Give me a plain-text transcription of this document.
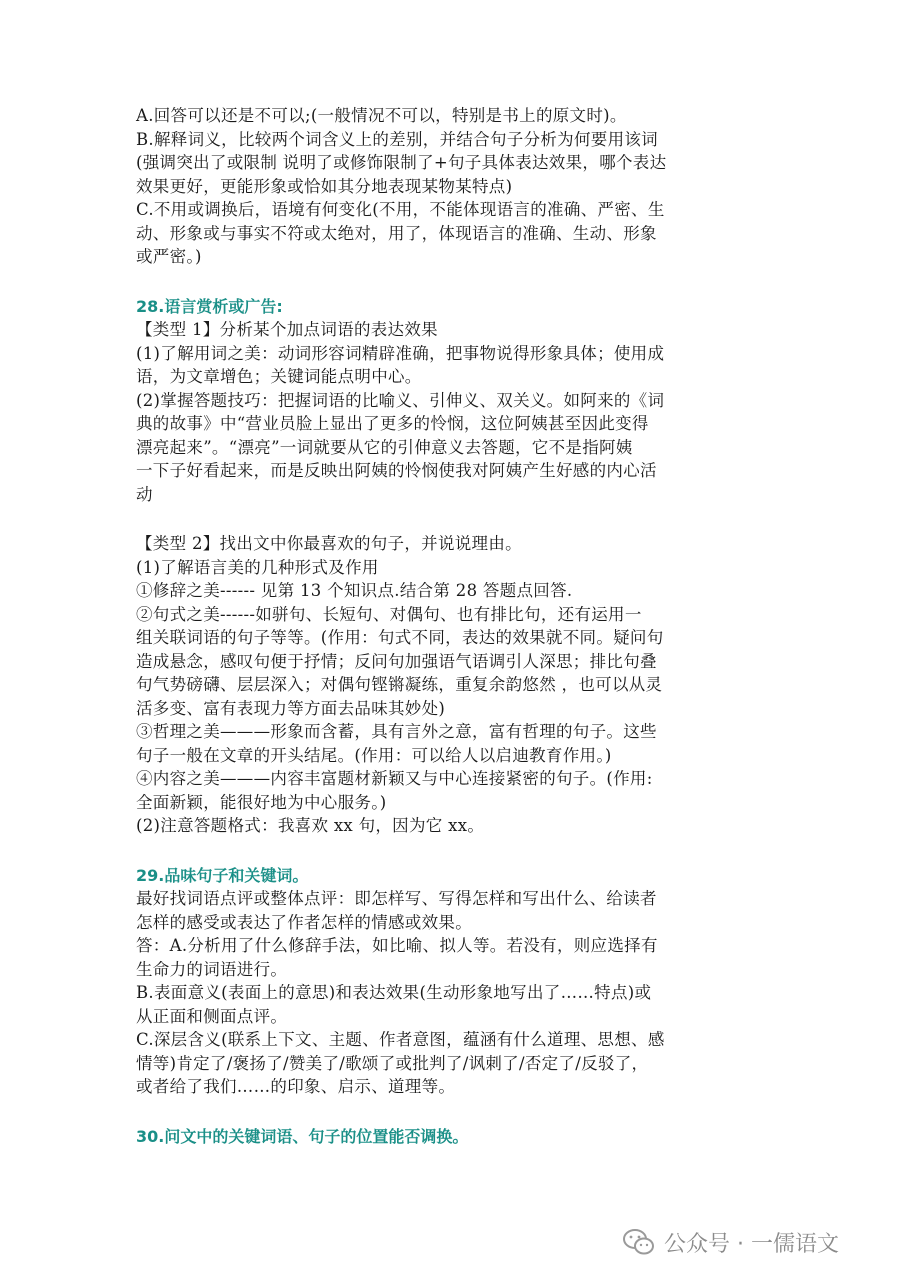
A.回答可以还是不可以;(一般情况不可以，特别是书上的原文时)。
B.解释词义，比较两个词含义上的差别，并结合句子分析为何要用该词
(强调突出了或限制 说明了或修饰限制了+句子具体表达效果，哪个表达
效果更好，更能形象或恰如其分地表现某物某特点)
C.不用或调换后，语境有何变化(不用，不能体现语言的准确、严密、生
动、形象或与事实不符或太绝对，用了，体现语言的准确、生动、形象
或严密。)
28.语言赏析或广告:
【类型 1】分析某个加点词语的表达效果
(1)了解用词之美：动词形容词精辟准确，把事物说得形象具体；使用成
语，为文章增色；关键词能点明中心。
(2)掌握答题技巧：把握词语的比喻义、引伸义、双关义。如阿来的《词
典的故事》中“营业员脸上显出了更多的怜悯，这位阿姨甚至因此变得
漂亮起来”。“漂亮”一词就要从它的引伸意义去答题，它不是指阿姨
一下子好看起来，而是反映出阿姨的怜悯使我对阿姨产生好感的内心活
动
【类型 2】找出文中你最喜欢的句子，并说说理由。
(1)了解语言美的几种形式及作用
①修辞之美------ 见第 13 个知识点.结合第 28 答题点回答.
②句式之美------如骈句、长短句、对偶句、也有排比句，还有运用一
组关联词语的句子等等。(作用：句式不同，表达的效果就不同。疑问句
造成悬念，感叹句便于抒情；反问句加强语气语调引人深思；排比句叠
句气势磅礴、层层深入；对偶句铿锵凝练，重复余韵悠然 ，也可以从灵
活多变、富有表现力等方面去品味其妙处)
③哲理之美———形象而含蓄，具有言外之意，富有哲理的句子。这些
句子一般在文章的开头结尾。(作用：可以给人以启迪教育作用。)
④内容之美———内容丰富题材新颖又与中心连接紧密的句子。(作用:
全面新颖，能很好地为中心服务。)
(2)注意答题格式：我喜欢 xx 句，因为它 xx。
29.品味句子和关键词。
最好找词语点评或整体点评：即怎样写、写得怎样和写出什么、给读者
怎样的感受或表达了作者怎样的情感或效果。
答：A.分析用了什么修辞手法，如比喻、拟人等。若没有，则应选择有
生命力的词语进行。
B.表面意义(表面上的意思)和表达效果(生动形象地写出了……特点)或
从正面和侧面点评。
C.深层含义(联系上下文、主题、作者意图，蕴涵有什么道理、思想、感
情等)肯定了/褒扬了/赞美了/歌颂了或批判了/讽刺了/否定了/反驳了，
或者给了我们……的印象、启示、道理等。
30.问文中的关键词语、句子的位置能否调换。
公众号 · 一儒语文
